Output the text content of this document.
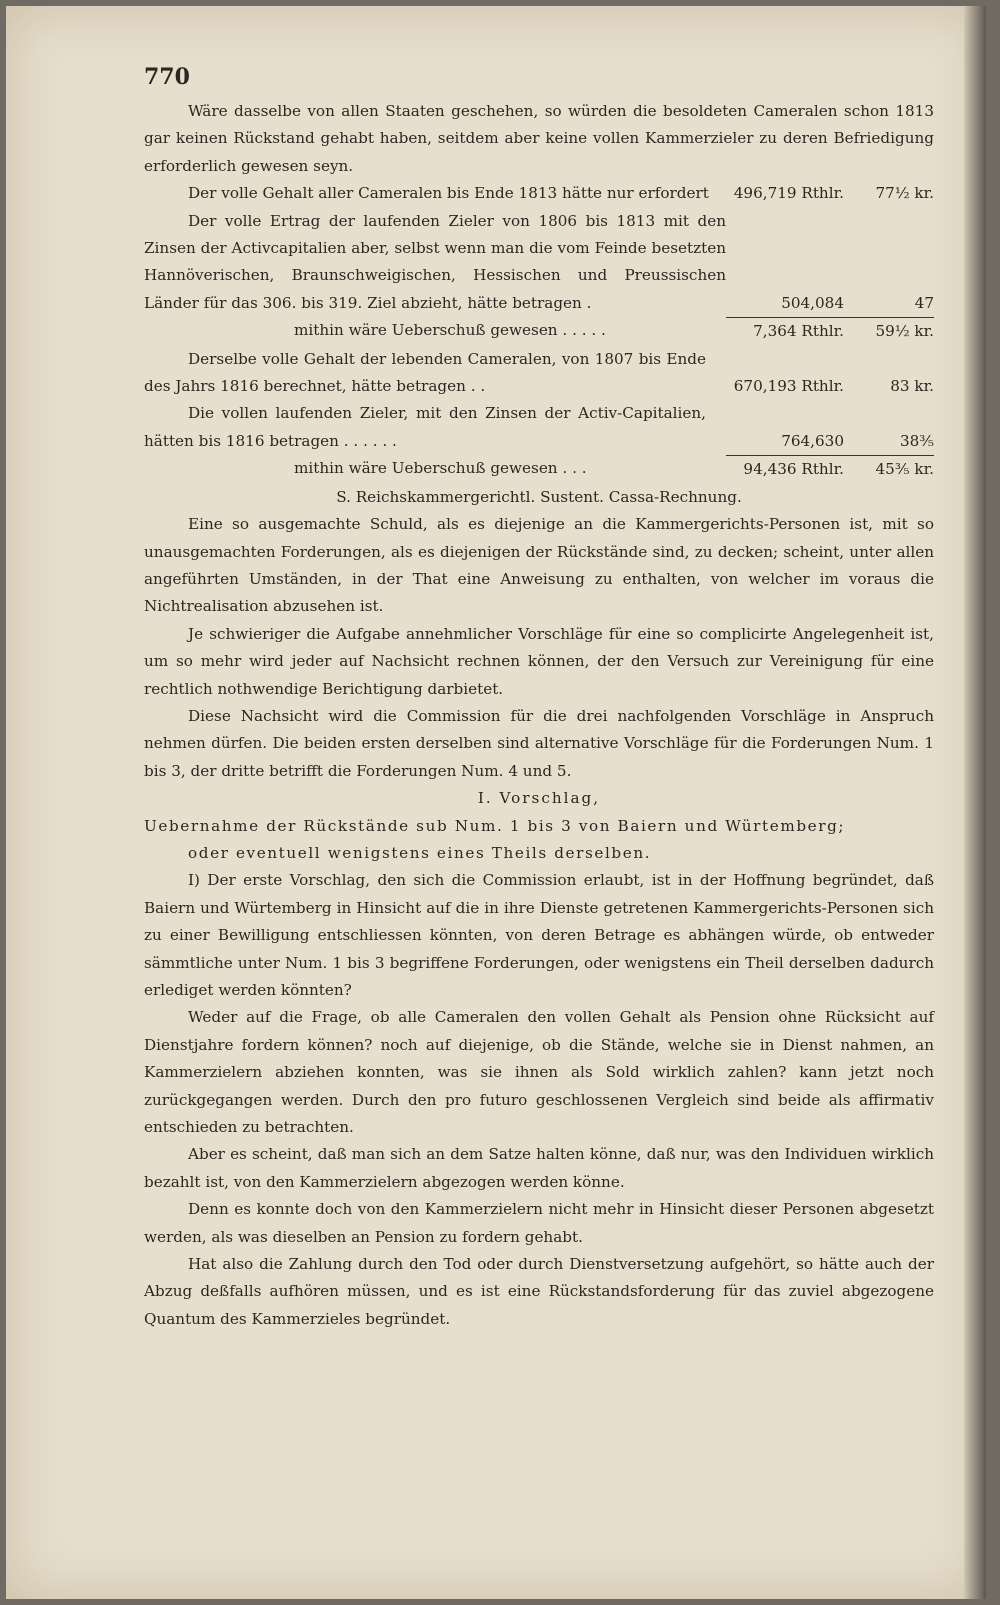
770

Wäre dasselbe von allen Staaten geschehen, so würden die besoldeten Cameralen schon 1813 gar keinen Rückstand gehabt haben, seitdem aber keine vollen Kammerzieler zu deren Befriedigung erforderlich gewesen seyn.

Der volle Gehalt aller Cameralen bis Ende 1813 hätte nur erfordert	496,719 Rthlr.	77½ kr.
Der volle Ertrag der laufenden Zieler von 1806 bis 1813 mit den Zinsen der Activcapitalien aber, selbst wenn man die vom Feinde besetzten Hannöverischen, Braunschweigischen, Hessischen und Preussischen Länder für das 306. bis 319. Ziel abzieht, hätte betragen .	504,084	47
mithin wäre Ueberschuß gewesen . . . . .	7,364 Rthlr.	59½ kr.
Derselbe volle Gehalt der lebenden Cameralen, von 1807 bis Ende des Jahrs 1816 berechnet, hätte betragen . .	670,193 Rthlr.	83 kr.
Die vollen laufenden Zieler, mit den Zinsen der Activ-Capitalien, hätten bis 1816 betragen . . . . . .	764,630	38⅗
mithin wäre Ueberschuß gewesen . . .	94,436 Rthlr.	45⅗ kr.
S. Reichskammergerichtl. Sustent. Cassa-Rechnung.

Eine so ausgemachte Schuld, als es diejenige an die Kammergerichts-Personen ist, mit so unausgemachten Forderungen, als es diejenigen der Rückstände sind, zu decken; scheint, unter allen angeführten Umständen, in der That eine Anweisung zu enthalten, von welcher im voraus die Nichtrealisation abzusehen ist.

Je schwieriger die Aufgabe annehmlicher Vorschläge für eine so complicirte Angelegenheit ist, um so mehr wird jeder auf Nachsicht rechnen können, der den Versuch zur Vereinigung für eine rechtlich nothwendige Berichtigung darbietet.

Diese Nachsicht wird die Commission für die drei nachfolgenden Vorschläge in Anspruch nehmen dürfen. Die beiden ersten derselben sind alternative Vorschläge für die Forderungen Num. 1 bis 3, der dritte betrifft die Forderungen Num. 4 und 5.

I. Vorschlag,
Uebernahme der Rückstände sub Num. 1 bis 3 von Baiern und Würtemberg;
oder eventuell wenigstens eines Theils derselben.

I) Der erste Vorschlag, den sich die Commission erlaubt, ist in der Hoffnung begründet, daß Baiern und Würtemberg in Hinsicht auf die in ihre Dienste getretenen Kammergerichts-Personen sich zu einer Bewilligung entschliessen könnten, von deren Betrage es abhängen würde, ob entweder sämmtliche unter Num. 1 bis 3 begriffene Forderungen, oder wenigstens ein Theil derselben dadurch erlediget werden könnten?

Weder auf die Frage, ob alle Cameralen den vollen Gehalt als Pension ohne Rücksicht auf Dienstjahre fordern können? noch auf diejenige, ob die Stände, welche sie in Dienst nahmen, an Kammerzielern abziehen konnten, was sie ihnen als Sold wirklich zahlen? kann jetzt noch zurückgegangen werden. Durch den pro futuro geschlossenen Vergleich sind beide als affirmativ entschieden zu betrachten.

Aber es scheint, daß man sich an dem Satze halten könne, daß nur, was den Individuen wirklich bezahlt ist, von den Kammerzielern abgezogen werden könne.

Denn es konnte doch von den Kammerzielern nicht mehr in Hinsicht dieser Personen abgesetzt werden, als was dieselben an Pension zu fordern gehabt.

Hat also die Zahlung durch den Tod oder durch Dienstversetzung aufgehört, so hätte auch der Abzug deßfalls aufhören müssen, und es ist eine Rückstandsforderung für das zuviel abgezogene Quantum des Kammerzieles begründet.
